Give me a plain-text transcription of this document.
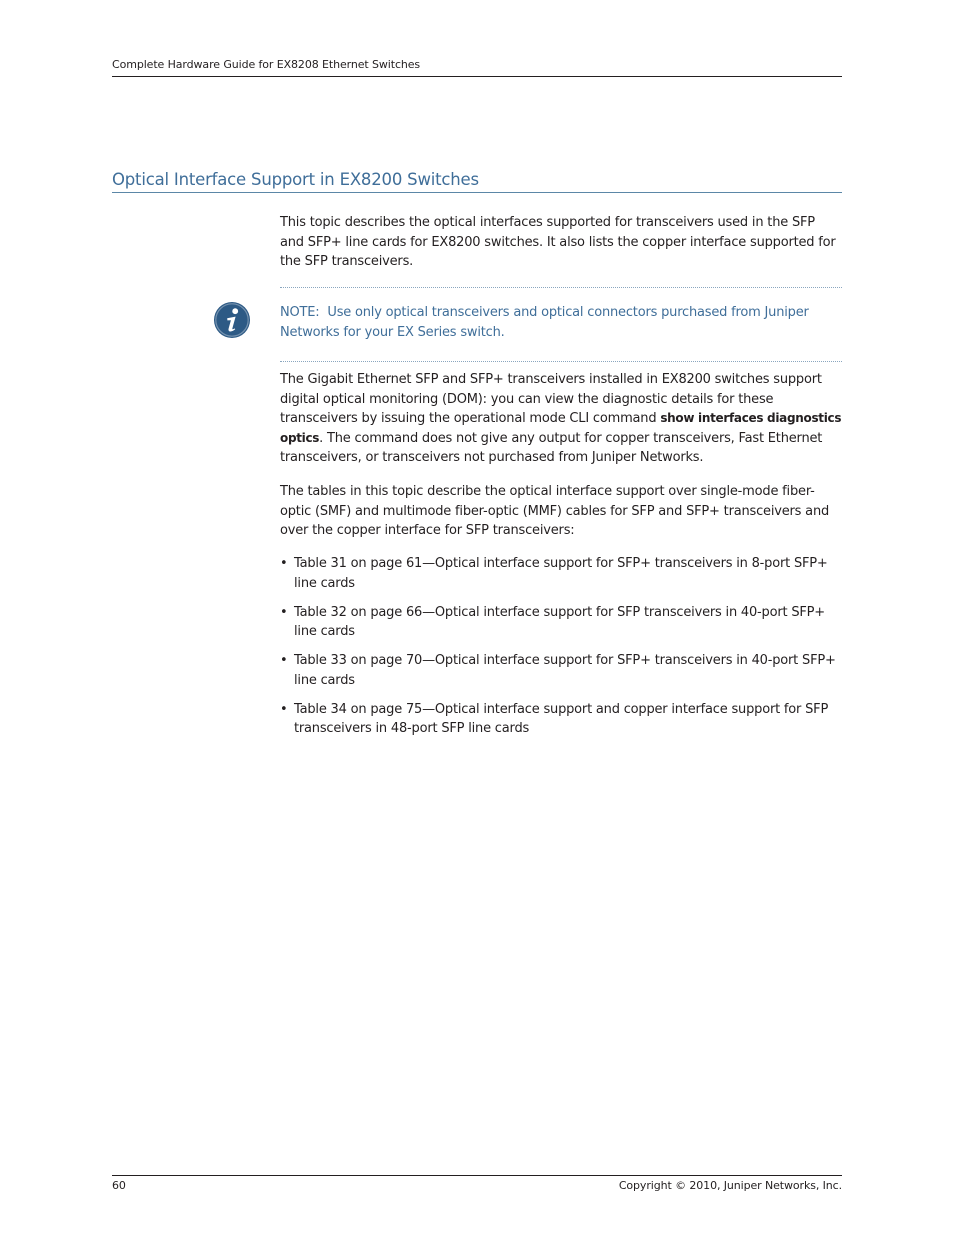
Complete Hardware Guide for EX8208 Ethernet Switches
Optical Interface Support in EX8200 Switches

This topic describes the optical interfaces supported for transceivers used in the SFP and SFP+ line cards for EX8200 switches. It also lists the copper interface supported for the SFP transceivers.

NOTE: Use only optical transceivers and optical connectors purchased from Juniper Networks for your EX Series switch.

The Gigabit Ethernet SFP and SFP+ transceivers installed in EX8200 switches support digital optical monitoring (DOM): you can view the diagnostic details for these transceivers by issuing the operational mode CLI command show interfaces diagnostics optics. The command does not give any output for copper transceivers, Fast Ethernet transceivers, or transceivers not purchased from Juniper Networks.

The tables in this topic describe the optical interface support over single-mode fiber-optic (SMF) and multimode fiber-optic (MMF) cables for SFP and SFP+ transceivers and over the copper interface for SFP transceivers:

• Table 31 on page 61—Optical interface support for SFP+ transceivers in 8-port SFP+ line cards
• Table 32 on page 66—Optical interface support for SFP transceivers in 40-port SFP+ line cards
• Table 33 on page 70—Optical interface support for SFP+ transceivers in 40-port SFP+ line cards
• Table 34 on page 75—Optical interface support and copper interface support for SFP transceivers in 48-port SFP line cards
60	Copyright © 2010, Juniper Networks, Inc.
